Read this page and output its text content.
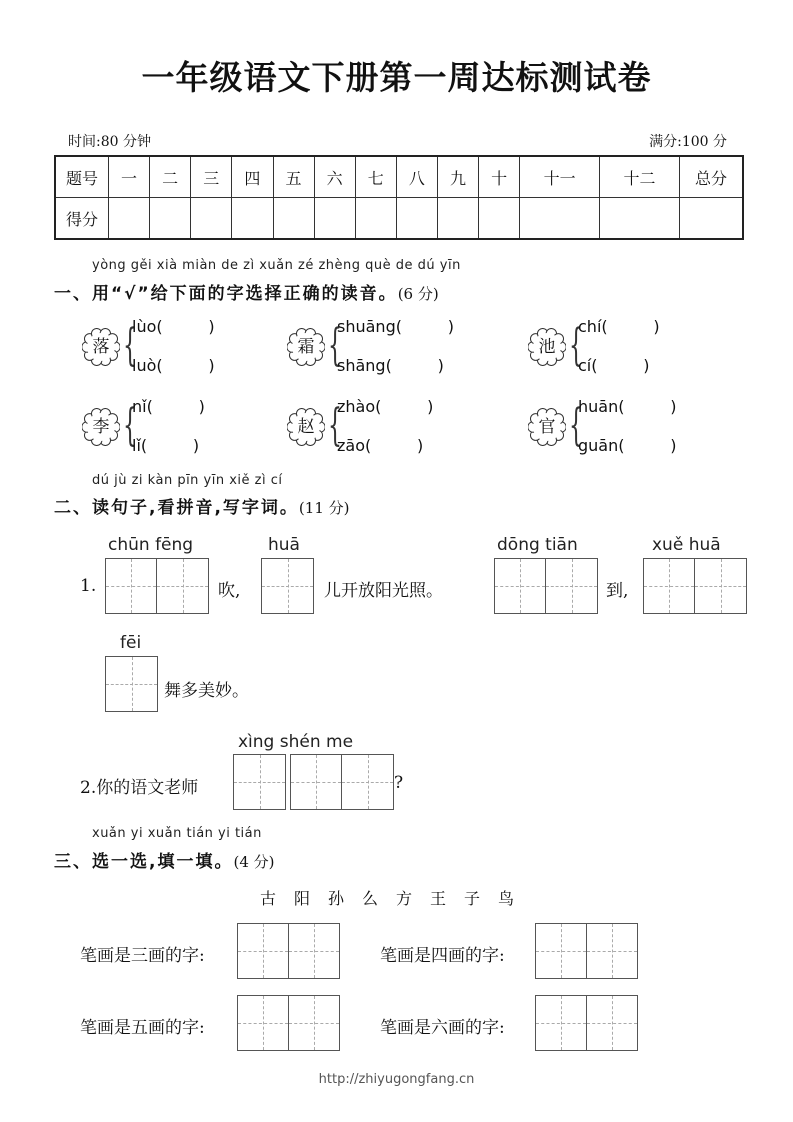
一年级语文下册第一周达标测试卷
时间:80 分钟	满分:100 分
题号	一	二	三	四	五	六	七	八	九	十	十一	十二	总分
得分													
yòng gěi xià miàn de zì xuǎn zé zhèng què de dú yīn
一、用“√”给下面的字选择正确的读音。(6 分)
落 {
lùo(	)
luò(	)
霜 {
shuāng(	)
shāng(	)
池 {
chí(	)
cí(	)
李 {
nǐ(	)
lǐ(	)
赵 {
zhào(	)
zāo(	)
官 {
huān(	)
guān(	)
dú jù zi kàn pīn yīn xiě zì cí
二、读句子,看拼音,写字词。(11 分)
chūn fēng	huā	dōng tiān	xuě huā
1.	吹,	儿开放阳光照。	到,
fēi
舞多美妙。
xìng shén me
2.你的语文老师	?
xuǎn yi xuǎn tián yi tián
三、选一选,填一填。(4 分)
古阳孙么方王子鸟
笔画是三画的字:	笔画是四画的字:
笔画是五画的字:	笔画是六画的字:
http://zhiyugongfang.cn
